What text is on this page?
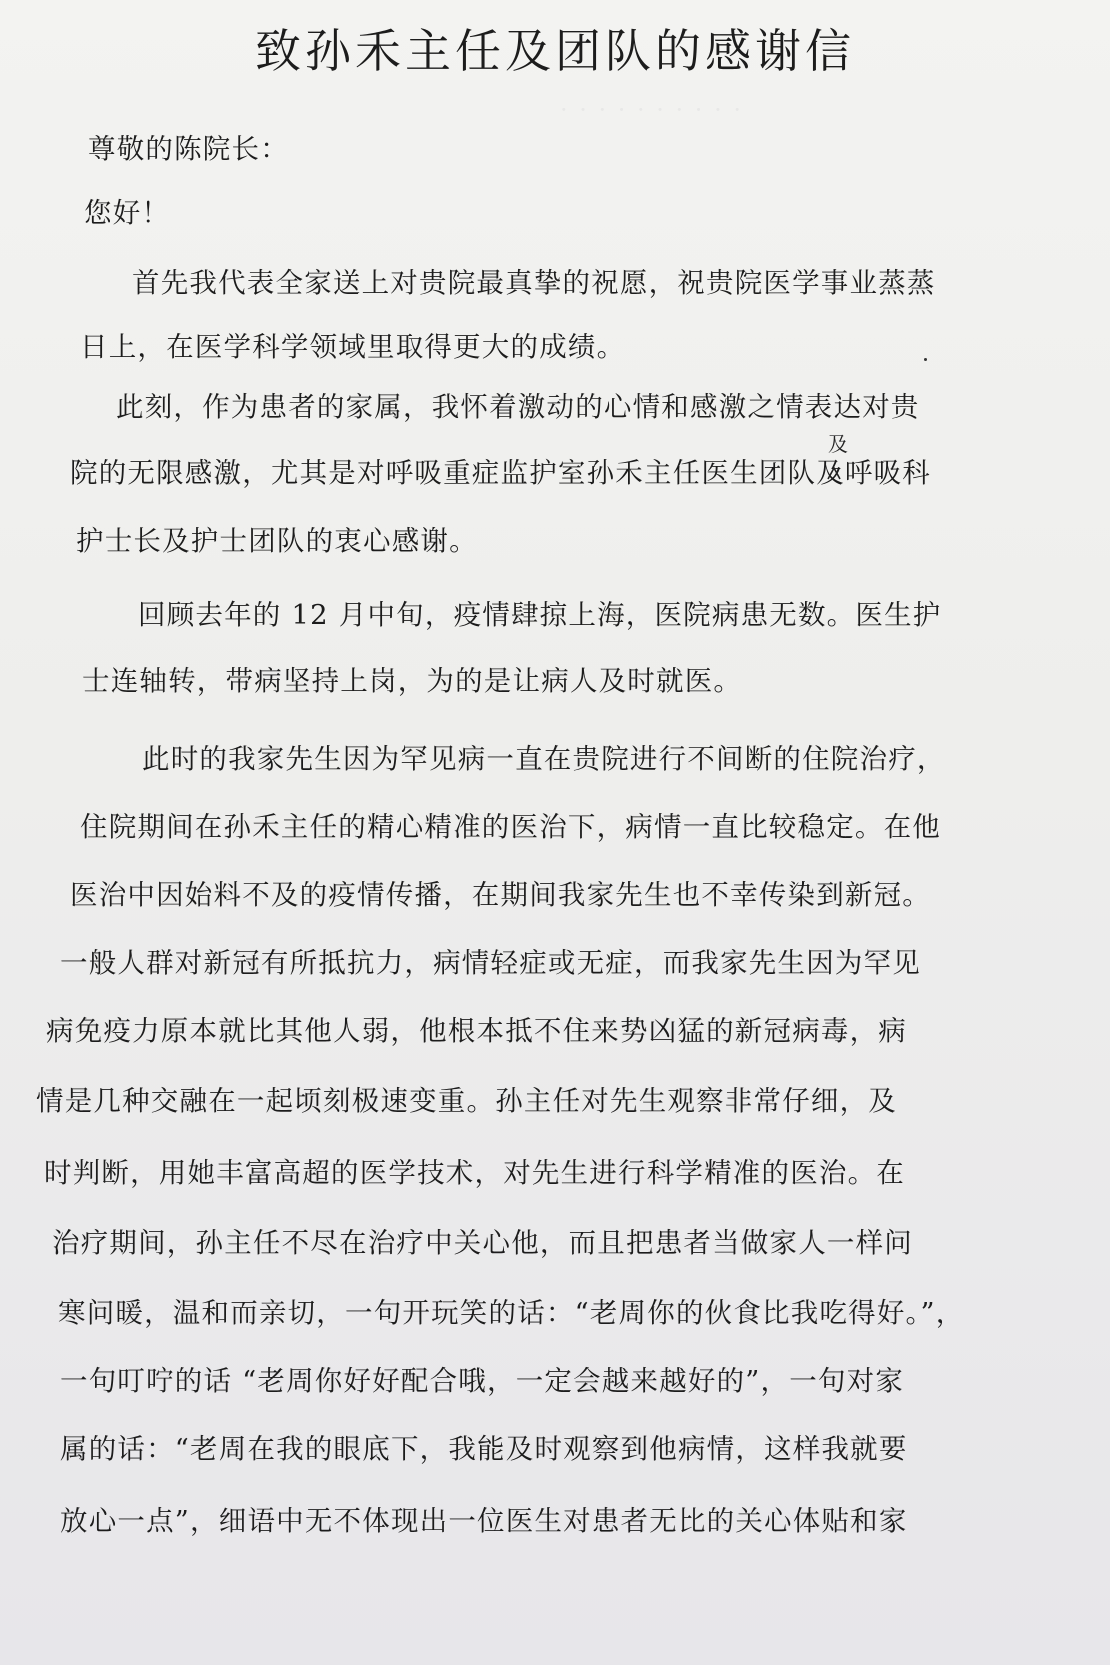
· · · · · · · · · ·
致孙禾主任及团队的感谢信
尊敬的陈院长：
您好！
首先我代表全家送上对贵院最真挚的祝愿，祝贵院医学事业蒸蒸
日上，在医学科学领域里取得更大的成绩。
此刻，作为患者的家属，我怀着激动的心情和感激之情表达对贵
院的无限感激，尤其是对呼吸重症监护室孙禾主任医生团队及呼吸科
及
护士长及护士团队的衷心感谢。
回顾去年的 12 月中旬，疫情肆掠上海，医院病患无数。医生护
士连轴转，带病坚持上岗，为的是让病人及时就医。
此时的我家先生因为罕见病一直在贵院进行不间断的住院治疗，
住院期间在孙禾主任的精心精准的医治下，病情一直比较稳定。在他
医治中因始料不及的疫情传播，在期间我家先生也不幸传染到新冠。
一般人群对新冠有所抵抗力，病情轻症或无症，而我家先生因为罕见
病免疫力原本就比其他人弱，他根本抵不住来势凶猛的新冠病毒，病
情是几种交融在一起顷刻极速变重。孙主任对先生观察非常仔细，及
时判断，用她丰富高超的医学技术，对先生进行科学精准的医治。在
治疗期间，孙主任不尽在治疗中关心他，而且把患者当做家人一样问
寒问暖，温和而亲切，一句开玩笑的话：“老周你的伙食比我吃得好。”，
一句叮咛的话 “老周你好好配合哦，一定会越来越好的”，一句对家
属的话：“老周在我的眼底下，我能及时观察到他病情，这样我就要
放心一点”，细语中无不体现出一位医生对患者无比的关心体贴和家
